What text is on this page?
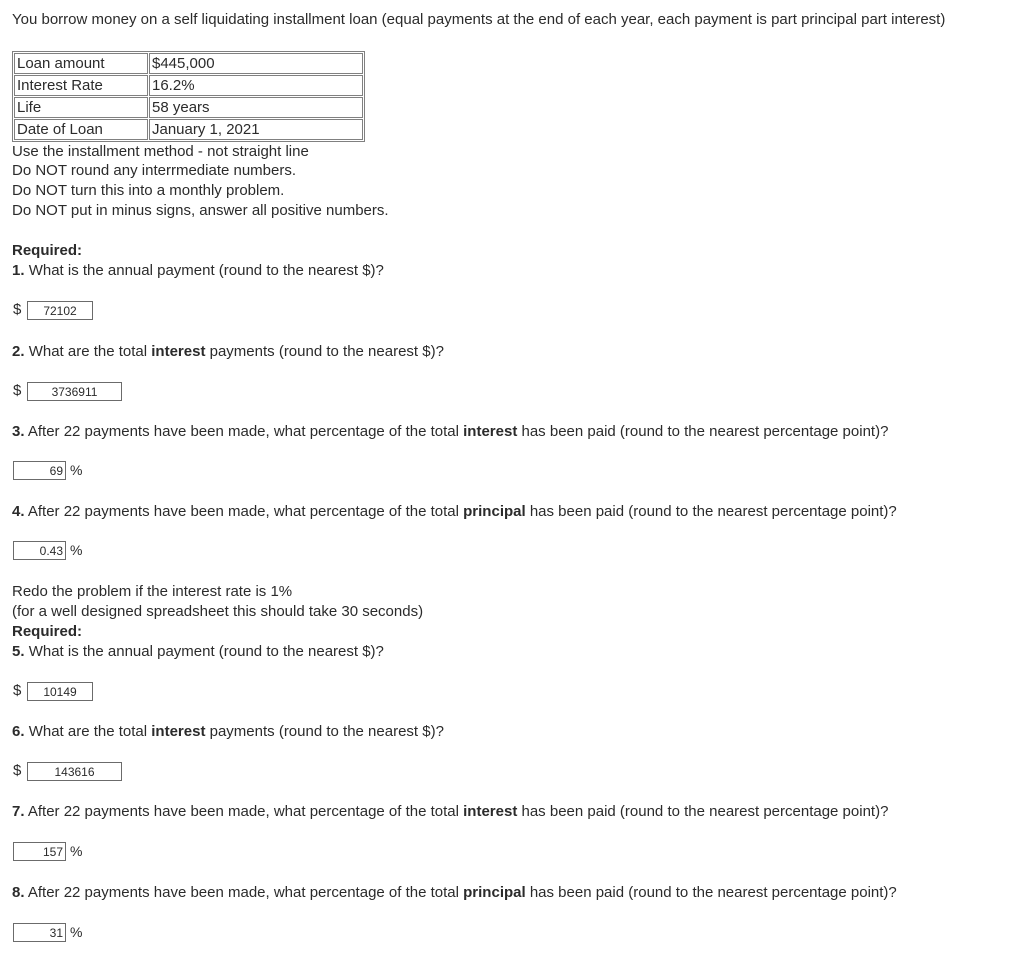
You borrow money on a self liquidating installment loan (equal payments at the end of each year, each payment is part principal part interest)
Loan amount	$445,000
Interest Rate	16.2%
Life	58 years
Date of Loan	January 1, 2021
Use the installment method - not straight line
Do NOT round any interrmediate numbers.
Do NOT turn this into a monthly problem.
Do NOT put in minus signs, answer all positive numbers.
Required:
1. What is the annual payment (round to the nearest $)?
$	72102
2. What are the total interest payments (round to the nearest $)?
$	3736911
3. After 22 payments have been made, what percentage of the total interest has been paid (round to the nearest percentage point)?
69 %
4. After 22 payments have been made, what percentage of the total principal has been paid (round to the nearest percentage point)?
0.43 %
Redo the problem if the interest rate is 1%
(for a well designed spreadsheet this should take 30 seconds)
Required:
5. What is the annual payment (round to the nearest $)?
$	10149
6. What are the total interest payments (round to the nearest $)?
$	143616
7. After 22 payments have been made, what percentage of the total interest has been paid (round to the nearest percentage point)?
157 %
8. After 22 payments have been made, what percentage of the total principal has been paid (round to the nearest percentage point)?
31 %
